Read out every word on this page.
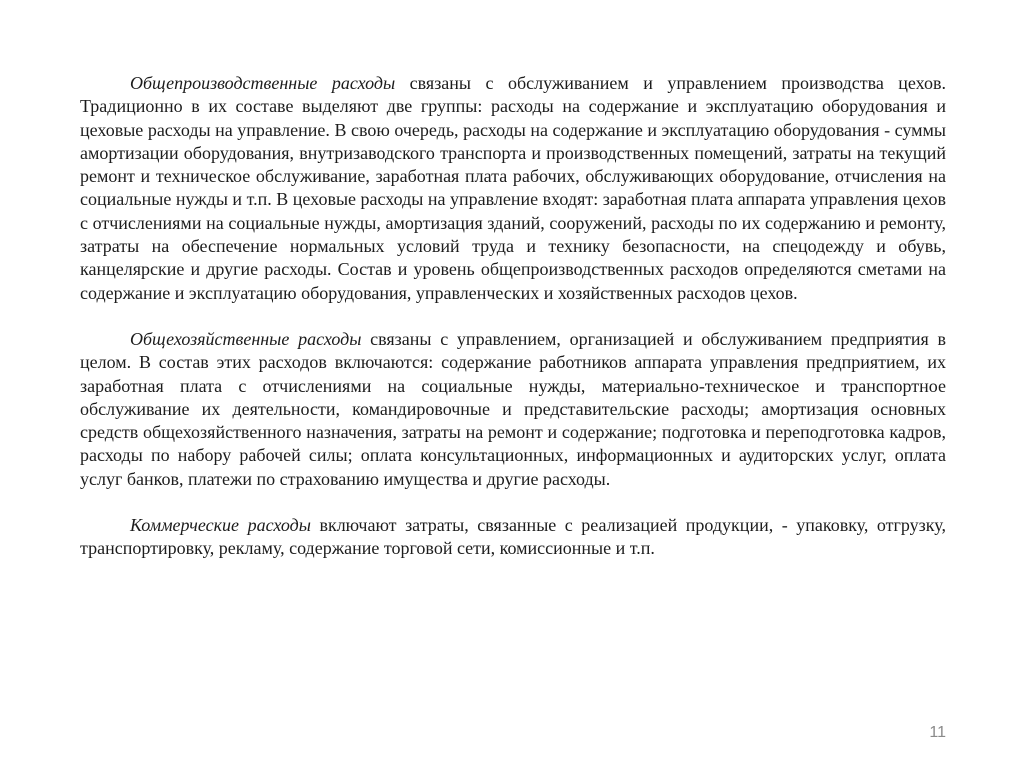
Общепроизводственные расходы связаны с обслуживанием и управлением производства цехов. Традиционно в их составе выделяют две группы: расходы на содержание и эксплуатацию оборудования и цеховые расходы на управление. В свою очередь, расходы на содержание и эксплуатацию оборудования - суммы амортизации оборудования, внутризаводского транспорта и производственных помещений, затраты на текущий ремонт и техническое обслуживание, заработная плата рабочих, обслуживающих оборудование, отчисления на социальные нужды и т.п. В цеховые расходы на управление входят: заработная плата аппарата управления цехов с отчислениями на социальные нужды, амортизация зданий, сооружений, расходы по их содержанию и ремонту, затраты на обеспечение нормальных условий труда и технику безопасности, на спецодежду и обувь, канцелярские и другие расходы. Состав и уровень общепроизводственных расходов определяются сметами на содержание и эксплуатацию оборудования, управленческих и хозяйственных расходов цехов.

Общехозяйственные расходы связаны с управлением, организацией и обслуживанием предприятия в целом. В состав этих расходов включаются: содержание работников аппарата управления предприятием, их заработная плата с отчислениями на социальные нужды, материально-техническое и транспортное обслуживание их деятельности, командировочные и представительские расходы; амортизация основных средств общехозяйственного назначения, затраты на ремонт и содержание; подготовка и переподготовка кадров, расходы по набору рабочей силы; оплата консультационных, информационных и аудиторских услуг, оплата услуг банков, платежи по страхованию имущества и другие расходы.

Коммерческие расходы включают затраты, связанные с реализацией продукции, - упаковку, отгрузку, транспортировку, рекламу, содержание торговой сети, комиссионные и т.п.

11
